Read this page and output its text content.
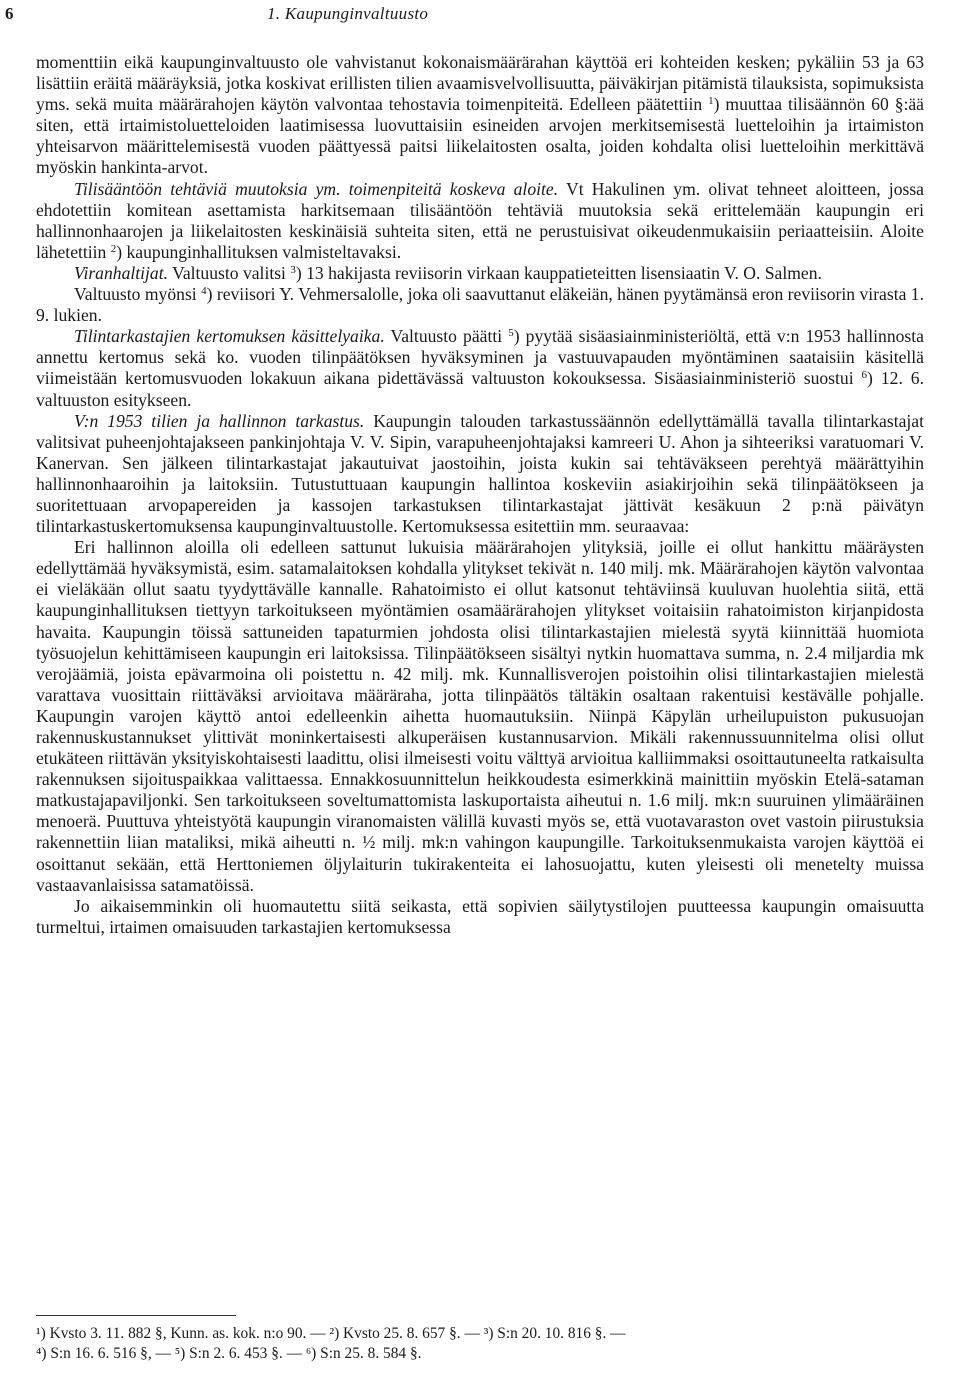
6	1. Kaupunginvaltuusto

momenttiin eikä kaupunginvaltuusto ole vahvistanut kokonaismäärärahan käyttöä eri kohteiden kesken; pykäliin 53 ja 63 lisättiin eräitä määräyksiä, jotka koskivat erillisten tilien avaamisvelvollisuutta, päiväkirjan pitämistä tilauksista, sopimuksista yms. sekä muita määrärahojen käytön valvontaa tehostavia toimenpiteitä. Edelleen päätettiin $^1$) muuttaa tilisäännön 60 §:ää siten, että irtaimistoluetteloiden laatimisessa luovuttaisiin esineiden arvojen merkitsemisestä luetteloihin ja irtaimiston yhteisarvon määrittelemisestä vuoden päättyessä paitsi liikelaitosten osalta, joiden kohdalta olisi luetteloihin merkittävä myöskin hankinta-arvot.

Tilisääntöön tehtäviä muutoksia ym. toimenpiteitä koskeva aloite. Vt Hakulinen ym. olivat tehneet aloitteen, jossa ehdotettiin komitean asettamista harkitsemaan tilisääntöön tehtäviä muutoksia sekä erittelemään kaupungin eri hallinnonhaarojen ja liikelaitosten keskinäisiä suhteita siten, että ne perustuisivat oikeudenmukaisiin periaatteisiin. Aloite lähetettiin $^2$) kaupunginhallituksen valmisteltavaksi.

Viranhaltijat. Valtuusto valitsi $^3$) 13 hakijasta reviisorin virkaan kauppatieteitten lisensiaatin V. O. Salmen.

Valtuusto myönsi $^4$) reviisori Y. Vehmersalolle, joka oli saavuttanut eläkeiän, hänen pyytämänsä eron reviisorin virasta 1. 9. lukien.

Tilintarkastajien kertomuksen käsittelyaika. Valtuusto päätti $^5$) pyytää sisäasiainministeriöltä, että v:n 1953 hallinnosta annettu kertomus sekä ko. vuoden tilinpäätöksen hyväksyminen ja vastuuvapauden myöntäminen saataisiin käsitellä viimeistään kertomusvuoden lokakuun aikana pidettävässä valtuuston kokouksessa. Sisäasiainministeriö suostui $^6$) 12. 6. valtuuston esitykseen.

V:n 1953 tilien ja hallinnon tarkastus. Kaupungin talouden tarkastussäännön edellyttämällä tavalla tilintarkastajat valitsivat puheenjohtajakseen pankinjohtaja V. V. Sipin, varapuheenjohtajaksi kamreeri U. Ahon ja sihteeriksi varatuomari V. Kanervan. Sen jälkeen tilintarkastajat jakautuivat jaostoihin, joista kukin sai tehtäväkseen perehtyä määrättyihin hallinnonhaaroihin ja laitoksiin. Tutustuttuaan kaupungin hallintoa koskeviin asiakirjoihin sekä tilinpäätökseen ja suoritettuaan arvopapereiden ja kassojen tarkastuksen tilintarkastajat jättivät kesäkuun 2 p:nä päivätyn tilintarkastuskertomuksensa kaupunginvaltuustolle. Kertomuksessa esitettiin mm. seuraavaa:

Eri hallinnon aloilla oli edelleen sattunut lukuisia määrärahojen ylityksiä, joille ei ollut hankittu määräysten edellyttämää hyväksymistä, esim. satamalaitoksen kohdalla ylitykset tekivät n. 140 milj. mk. Määrärahojen käytön valvontaa ei vieläkään ollut saatu tyydyttävälle kannalle. Rahatoimisto ei ollut katsonut tehtäviinsä kuuluvan huolehtia siitä, että kaupunginhallituksen tiettyyn tarkoitukseen myöntämien osamäärärahojen ylitykset voitaisiin rahatoimiston kirjanpidosta havaita. Kaupungin töissä sattuneiden tapaturmien johdosta olisi tilintarkastajien mielestä syytä kiinnittää huomiota työsuojelun kehittämiseen kaupungin eri laitoksissa. Tilinpäätökseen sisältyi nytkin huomattava summa, n. 2.4 miljardia mk verojäämiä, joista epävarmoina oli poistettu n. 42 milj. mk. Kunnallisverojen poistoihin olisi tilintarkastajien mielestä varattava vuosittain riittäväksi arvioitava määräraha, jotta tilinpäätös tältäkin osaltaan rakentuisi kestävälle pohjalle. Kaupungin varojen käyttö antoi edelleenkin aihetta huomautuksiin. Niinpä Käpylän urheilupuiston pukusuojan rakennuskustannukset ylittivät moninkertaisesti alkuperäisen kustannusarvion. Mikäli rakennussuunnitelma olisi ollut etukäteen riittävän yksityiskohtaisesti laadittu, olisi ilmeisesti voitu välttyä arvioitua kalliimmaksi osoittautuneelta ratkaisulta rakennuksen sijoituspaikkaa valittaessa. Ennakkosuunnittelun heikkoudesta esimerkkinä mainittiin myöskin Etelä-sataman matkustajapaviljonki. Sen tarkoitukseen soveltumattomista laskuportaista aiheutui n. 1.6 milj. mk:n suuruinen ylimääräinen menoerä. Puuttuva yhteistyötä kaupungin viranomaisten välillä kuvasti myös se, että vuotavaraston ovet vastoin piirustuksia rakennettiin liian mataliksi, mikä aiheutti n. ½ milj. mk:n vahingon kaupungille. Tarkoituksenmukaista varojen käyttöä ei osoittanut sekään, että Herttoniemen öljylaiturin tukirakenteita ei lahosuojattu, kuten yleisesti oli menetelty muissa vastaavanlaisissa satamatöissä.

Jo aikaisemminkin oli huomautettu siitä seikasta, että sopivien säilytystilojen puutteessa kaupungin omaisuutta turmeltui, irtaimen omaisuuden tarkastajien kertomuksessa

¹) Kvsto 3. 11. 882 §, Kunn. as. kok. n:o 90. — ²) Kvsto 25. 8. 657 §. — ³) S:n 20. 10. 816 §. —
⁴) S:n 16. 6. 516 §, — ⁵) S:n 2. 6. 453 §. — ⁶) S:n 25. 8. 584 §.
